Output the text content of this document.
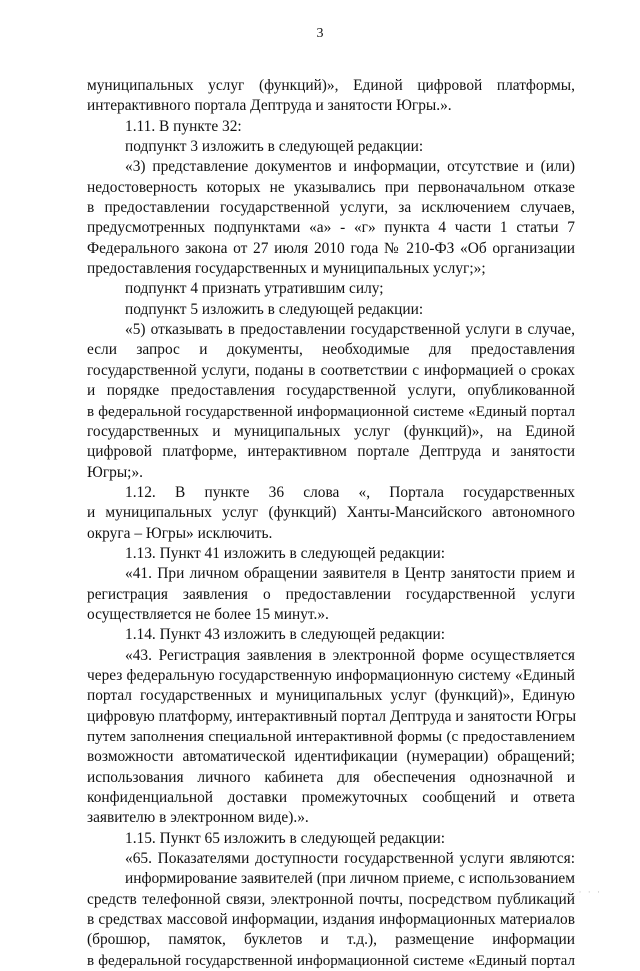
3
муниципальных услуг (функций)», Единой цифровой платформы,
интерактивного портала Дептруда и занятости Югры.».
1.11. В пункте 32:
подпункт 3 изложить в следующей редакции:
«3) представление документов и информации, отсутствие и (или)
недостоверность которых не указывались при первоначальном отказе
в предоставлении государственной услуги, за исключением случаев,
предусмотренных подпунктами «а» - «г» пункта 4 части 1 статьи 7
Федерального закона от 27 июля 2010 года № 210-ФЗ «Об организации
предоставления государственных и муниципальных услуг;»;
подпункт 4 признать утратившим силу;
подпункт 5 изложить в следующей редакции:
«5) отказывать в предоставлении государственной услуги в случае,
если запрос и документы, необходимые для предоставления
государственной услуги, поданы в соответствии с информацией о сроках
и порядке предоставления государственной услуги, опубликованной
в федеральной государственной информационной системе «Единый портал
государственных и муниципальных услуг (функций)», на Единой
цифровой платформе, интерактивном портале Дептруда и занятости
Югры;».
1.12. В пункте 36 слова «, Портала государственных
и муниципальных услуг (функций) Ханты-Мансийского автономного
округа – Югры» исключить.
1.13. Пункт 41 изложить в следующей редакции:
«41. При личном обращении заявителя в Центр занятости прием и
регистрация заявления о предоставлении государственной услуги
осуществляется не более 15 минут.».
1.14. Пункт 43 изложить в следующей редакции:
«43. Регистрация заявления в электронной форме осуществляется
через федеральную государственную информационную систему «Единый
портал государственных и муниципальных услуг (функций)», Единую
цифровую платформу, интерактивный портал Дептруда и занятости Югры
путем заполнения специальной интерактивной формы (с предоставлением
возможности автоматической идентификации (нумерации) обращений;
использования личного кабинета для обеспечения однозначной и
конфиденциальной доставки промежуточных сообщений и ответа
заявителю в электронном виде).».
1.15. Пункт 65 изложить в следующей редакции:
«65. Показателями доступности государственной услуги являются:
информирование заявителей (при личном приеме, с использованием
средств телефонной связи, электронной почты, посредством публикаций
в средствах массовой информации, издания информационных материалов
(брошюр, памяток, буклетов и т.д.), размещение информации
в федеральной государственной информационной системе «Единый портал
· · · · ·
